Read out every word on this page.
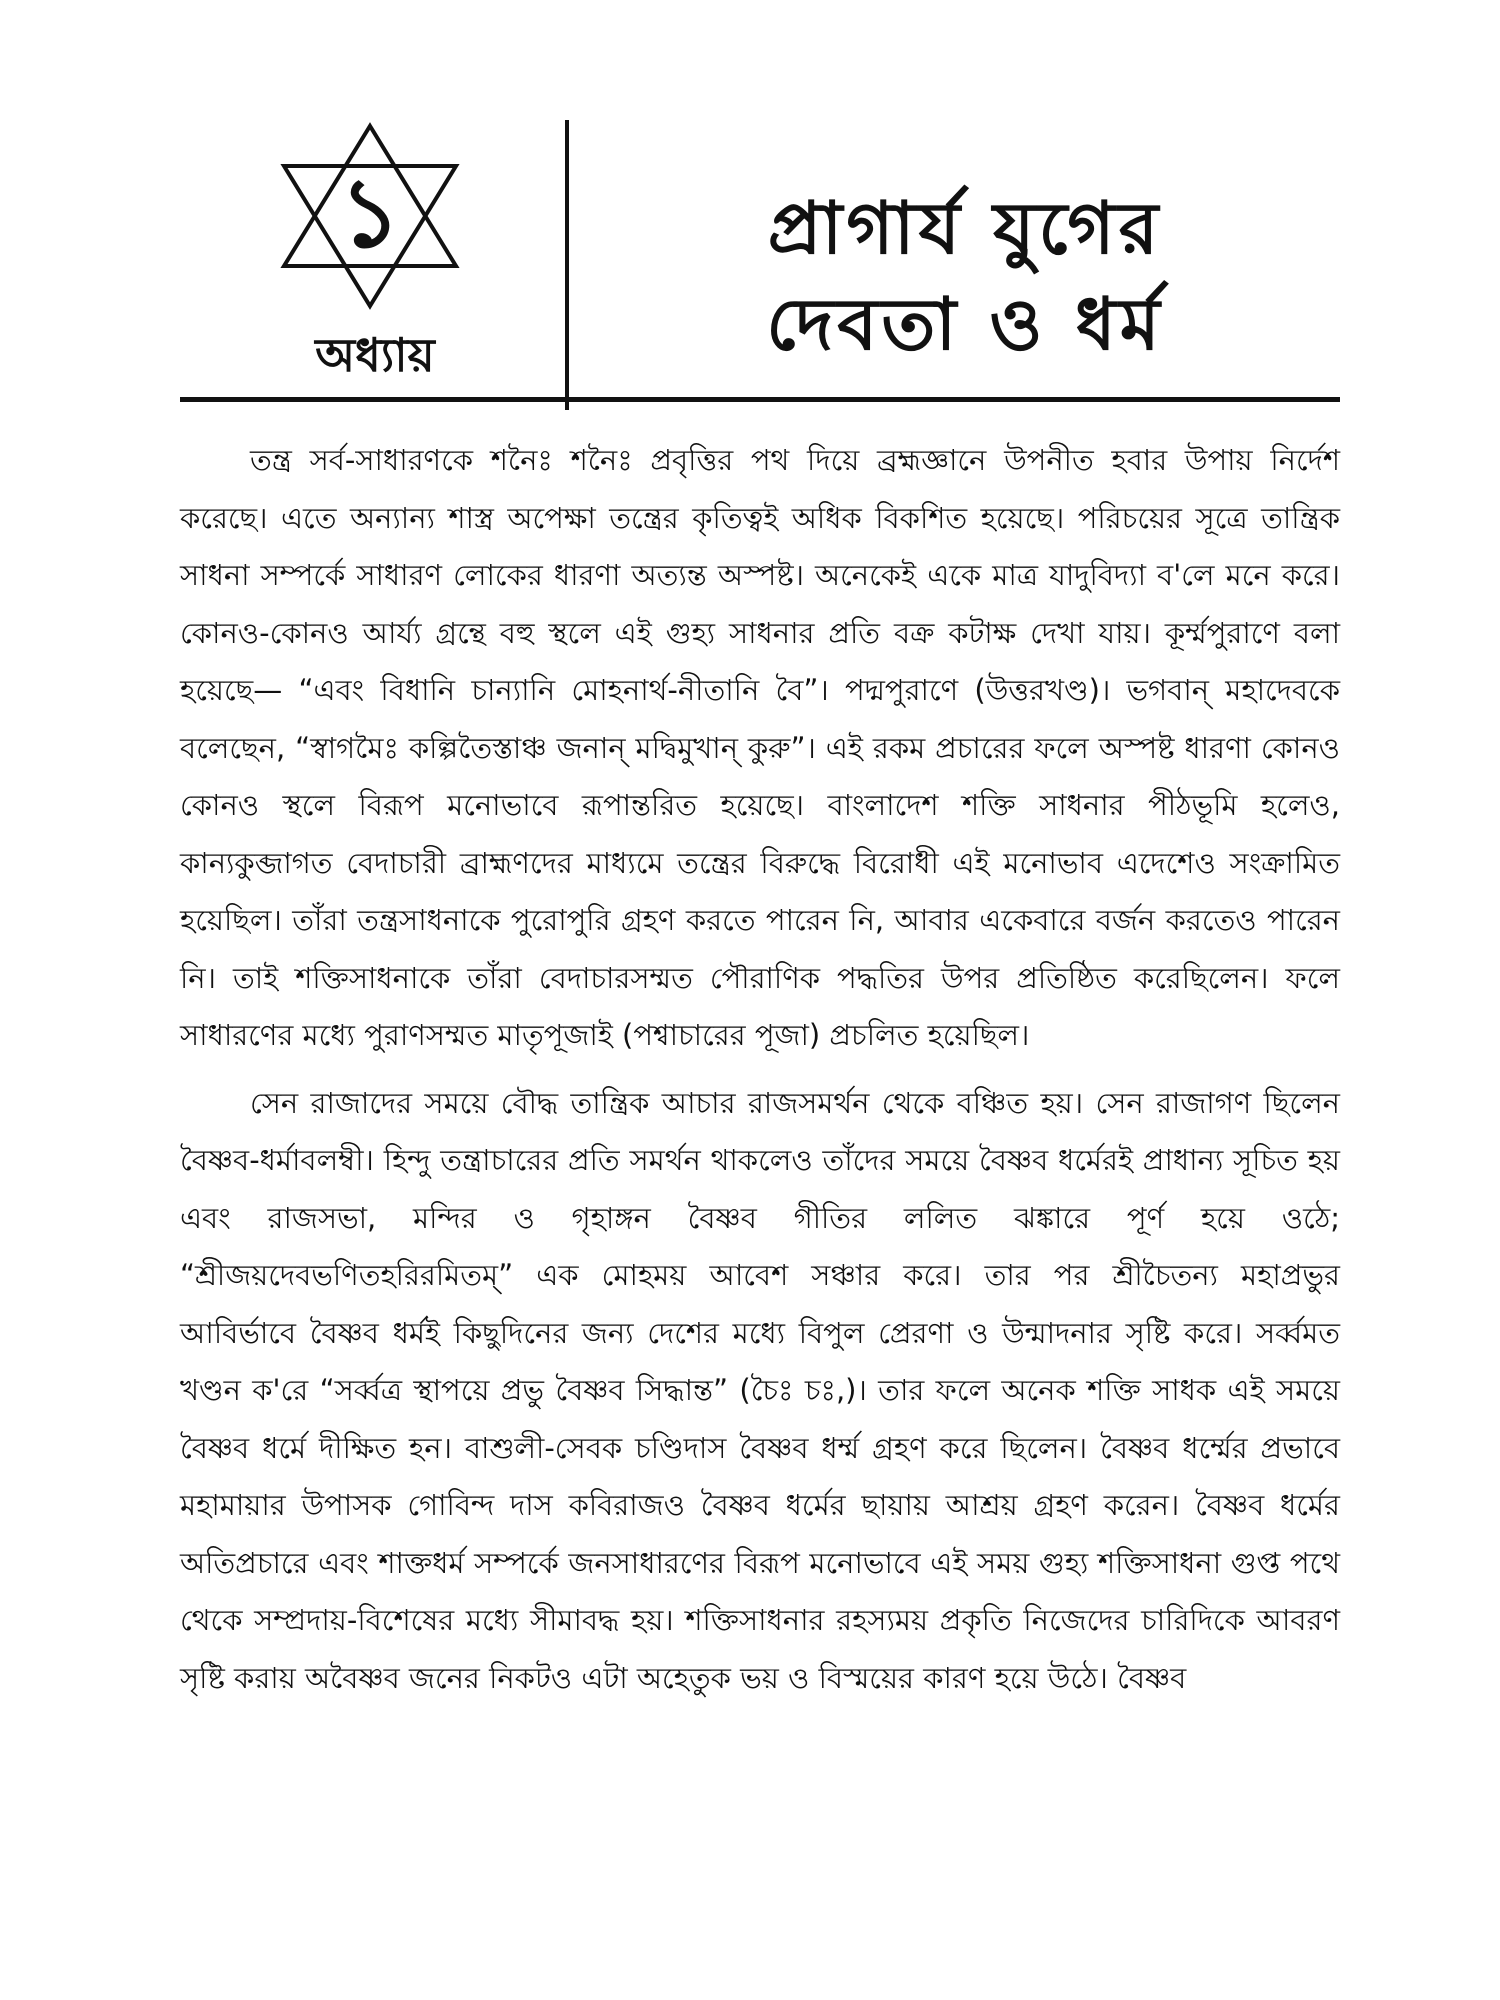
১
অধ্যায়
প্রাগার্য যুগের
দেবতা ও ধর্ম

তন্ত্র সর্ব-সাধারণকে শনৈঃ শনৈঃ প্রবৃত্তির পথ দিয়ে ব্রহ্মজ্ঞানে উপনীত হবার উপায় নির্দেশ করেছে। এতে অন্যান্য শাস্ত্র অপেক্ষা তন্ত্রের কৃতিত্বই অধিক বিকশিত হয়েছে। পরিচয়ের সূত্রে তান্ত্রিক সাধনা সম্পর্কে সাধারণ লোকের ধারণা অত্যন্ত অস্পষ্ট। অনেকেই একে মাত্র যাদুবিদ্যা ব'লে মনে করে। কোনও-কোনও আর্য্য গ্রন্থে বহু স্থলে এই গুহ্য সাধনার প্রতি বক্র কটাক্ষ দেখা যায়। কূর্ম্মপুরাণে বলা হয়েছে— “এবং বিধানি চান্যানি মোহনার্থ-নীতানি বৈ”। পদ্মপুরাণে (উত্তরখণ্ড)। ভগবান্ মহাদেবকে বলেছেন, “স্বাগমৈঃ কল্পিতৈস্তাঞ্চ জনান্ মদ্বিমুখান্ কুরু”। এই রকম প্রচারের ফলে অস্পষ্ট ধারণা কোনও কোনও স্থলে বিরূপ মনোভাবে রূপান্তরিত হয়েছে। বাংলাদেশ শক্তি সাধনার পীঠভূমি হলেও, কান্যকুব্জাগত বেদাচারী ব্রাহ্মণদের মাধ্যমে তন্ত্রের বিরুদ্ধে বিরোধী এই মনোভাব এদেশেও সংক্রামিত হয়েছিল। তাঁরা তন্ত্রসাধনাকে পুরোপুরি গ্রহণ করতে পারেন নি, আবার একেবারে বর্জন করতেও পারেন নি। তাই শক্তিসাধনাকে তাঁরা বেদাচারসম্মত পৌরাণিক পদ্ধতির উপর প্রতিষ্ঠিত করেছিলেন। ফলে সাধারণের মধ্যে পুরাণসম্মত মাতৃপূজাই (পশ্বাচারের পূজা) প্রচলিত হয়েছিল।

সেন রাজাদের সময়ে বৌদ্ধ তান্ত্রিক আচার রাজসমর্থন থেকে বঞ্চিত হয়। সেন রাজাগণ ছিলেন বৈষ্ণব-ধর্মাবলম্বী। হিন্দু তন্ত্রাচারের প্রতি সমর্থন থাকলেও তাঁদের সময়ে বৈষ্ণব ধর্মেরই প্রাধান্য সূচিত হয় এবং রাজসভা, মন্দির ও গৃহাঙ্গন বৈষ্ণব গীতির ললিত ঝঙ্কারে পূর্ণ হয়ে ওঠে; “শ্রীজয়দেবভণিতহরিরমিতম্” এক মোহময় আবেশ সঞ্চার করে। তার পর শ্রীচৈতন্য মহাপ্রভুর আবির্ভাবে বৈষ্ণব ধর্মই কিছুদিনের জন্য দেশের মধ্যে বিপুল প্রেরণা ও উন্মাদনার সৃষ্টি করে। সর্ব্বমত খণ্ডন ক'রে “সর্ব্বত্র স্থাপয়ে প্রভু বৈষ্ণব সিদ্ধান্ত” (চৈঃ চঃ,)। তার ফলে অনেক শক্তি সাধক এই সময়ে বৈষ্ণব ধর্মে দীক্ষিত হন। বাশুলী-সেবক চণ্ডিদাস বৈষ্ণব ধর্ম্ম গ্রহণ করে ছিলেন। বৈষ্ণব ধর্ম্মের প্রভাবে মহামায়ার উপাসক গোবিন্দ দাস কবিরাজও বৈষ্ণব ধর্মের ছায়ায় আশ্রয় গ্রহণ করেন। বৈষ্ণব ধর্মের অতিপ্রচারে এবং শাক্তধর্ম সম্পর্কে জনসাধারণের বিরূপ মনোভাবে এই সময় গুহ্য শক্তিসাধনা গুপ্ত পথে থেকে সম্প্রদায়-বিশেষের মধ্যে সীমাবদ্ধ হয়। শক্তিসাধনার রহস্যময় প্রকৃতি নিজেদের চারিদিকে আবরণ সৃষ্টি করায় অবৈষ্ণব জনের নিকটও এটা অহেতুক ভয় ও বিস্ময়ের কারণ হয়ে উঠে। বৈষ্ণব
